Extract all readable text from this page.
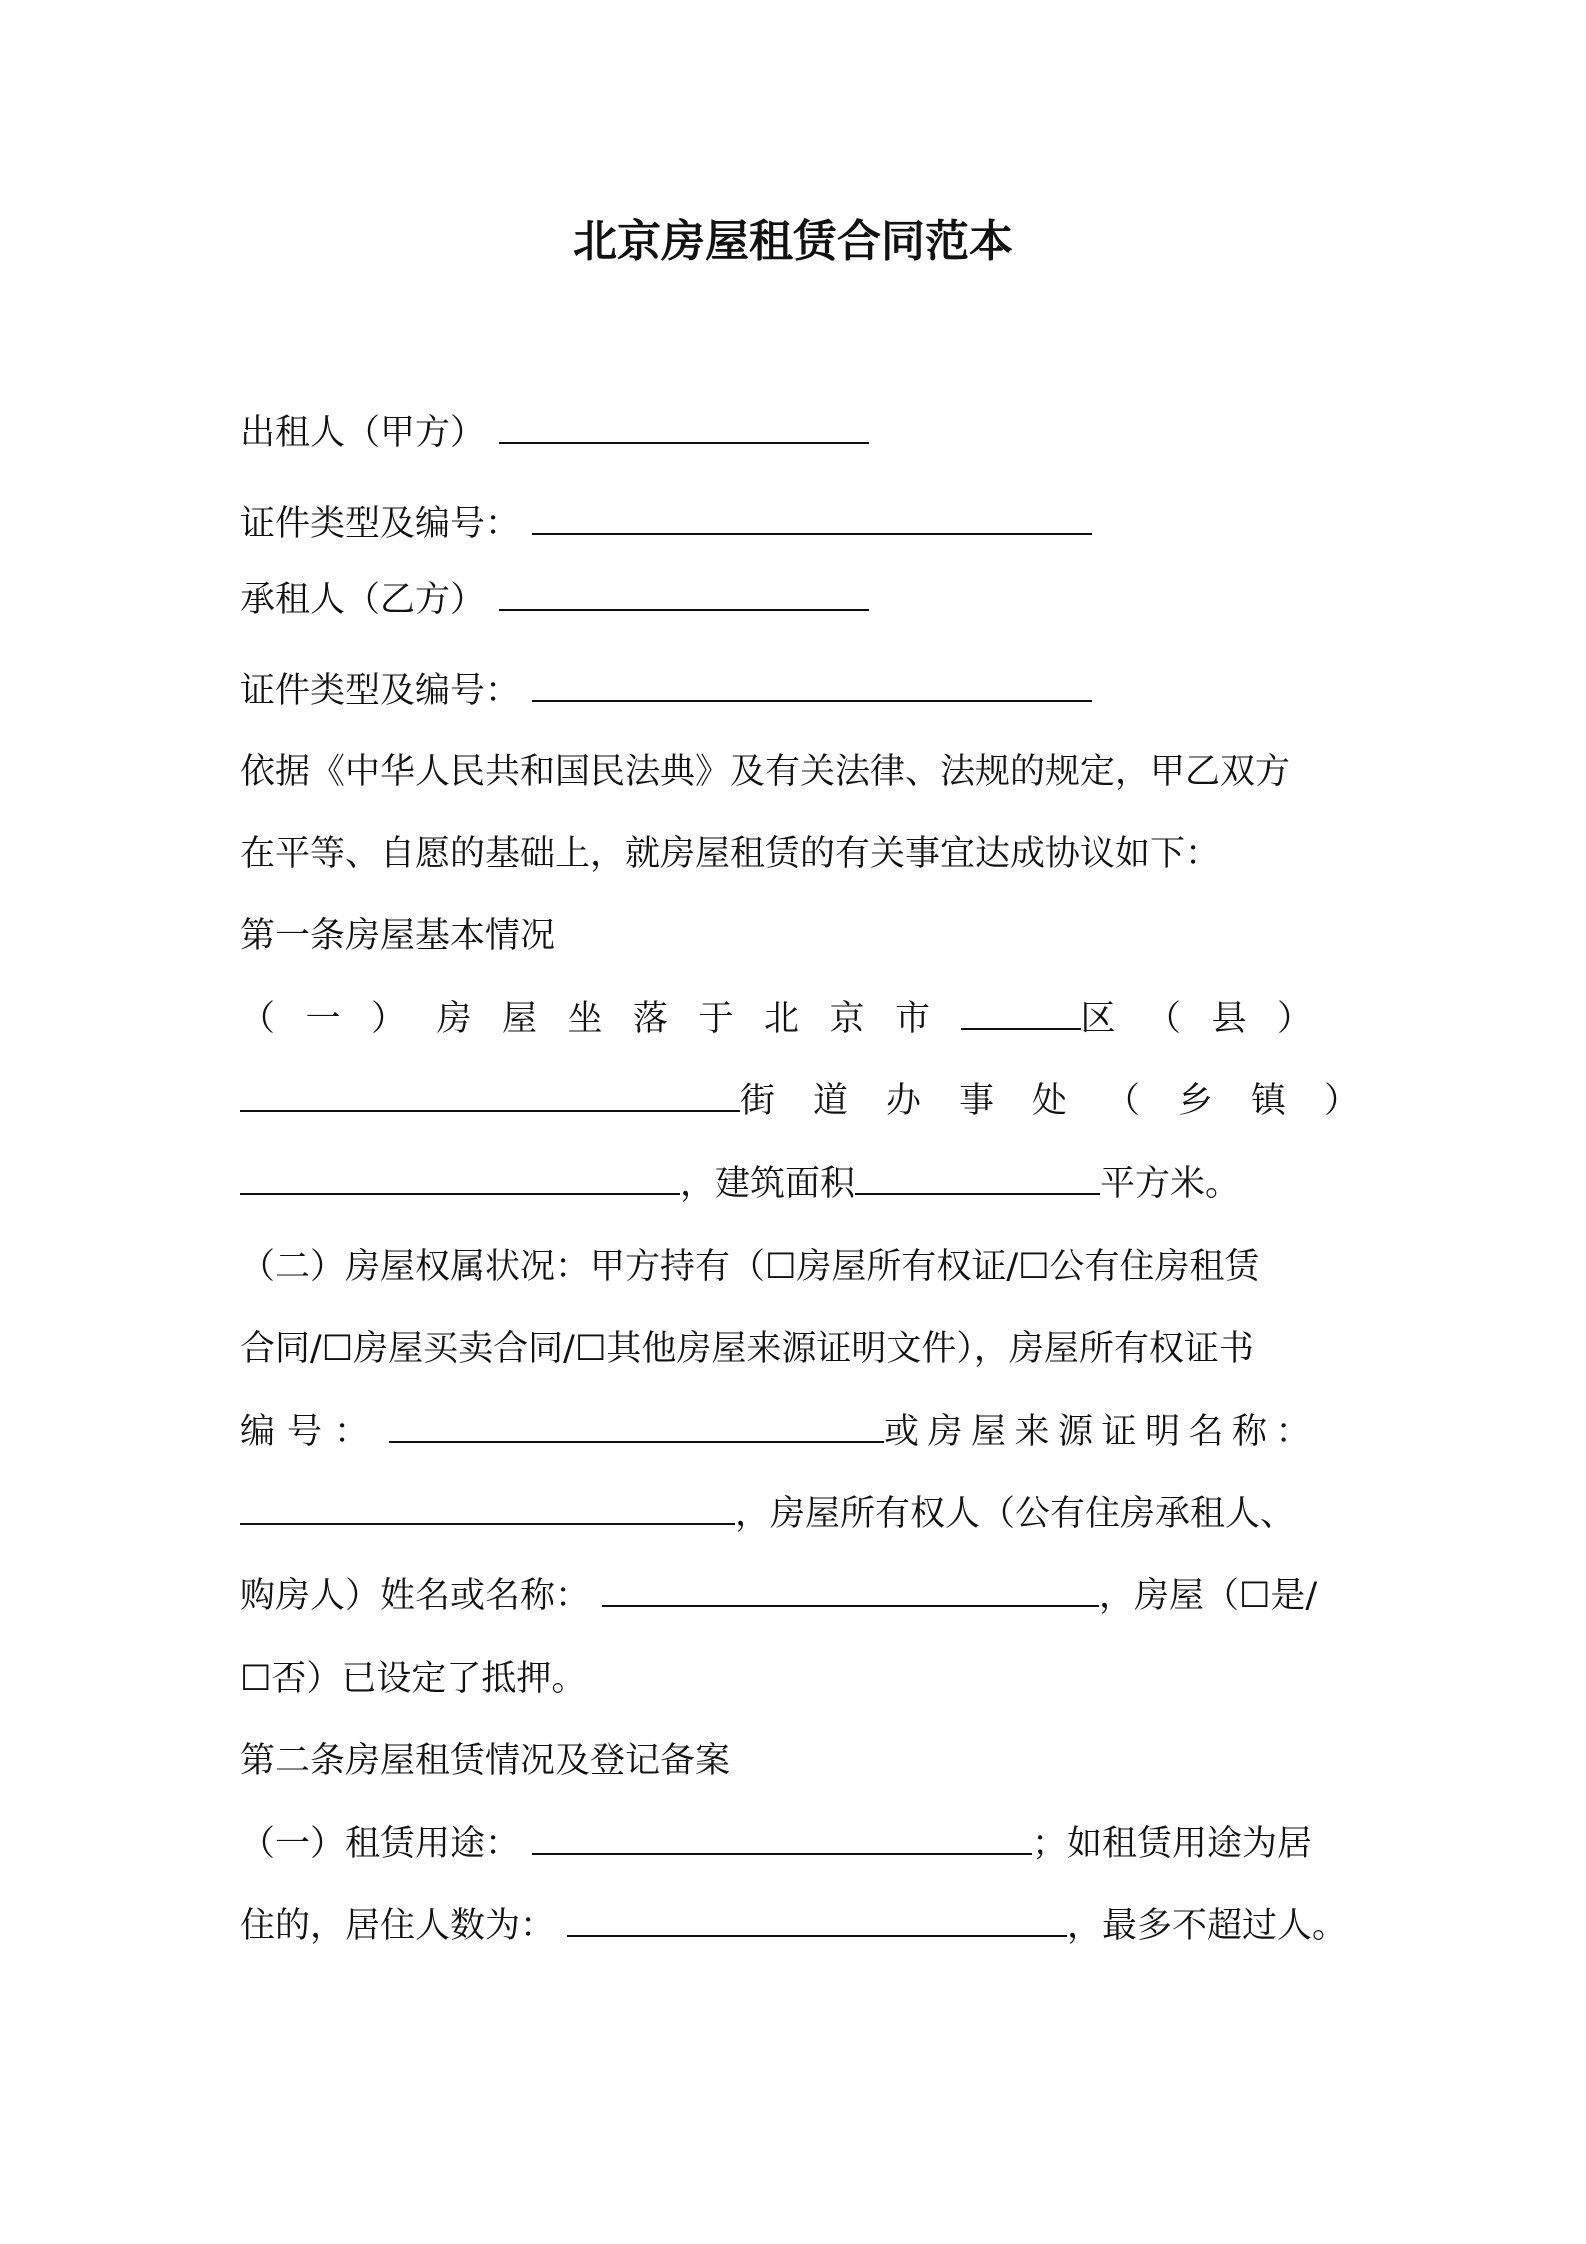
北京房屋租赁合同范本
出租人（甲方）
证件类型及编号：
承租人（乙方）
证件类型及编号：
依据《中华人民共和国民法典》及有关法律、法规的规定，甲乙双方
在平等、自愿的基础上，就房屋租赁的有关事宜达成协议如下：
第一条房屋基本情况
（一）房屋坐落于北京市	区（县）
街道办事处（乡镇）
，建筑面积	平方米。
（二）房屋权属状况：甲方持有（☐房屋所有权证/☐公有住房租赁
合同/☐房屋买卖合同/☐其他房屋来源证明文件），房屋所有权证书
编号：	或房屋来源证明名称：
，房屋所有权人（公有住房承租人、
购房人）姓名或名称：	，房屋（☐是/
☐否）已设定了抵押。
第二条房屋租赁情况及登记备案
（一）租赁用途：	；如租赁用途为居
住的，居住人数为：	，最多不超过人。
